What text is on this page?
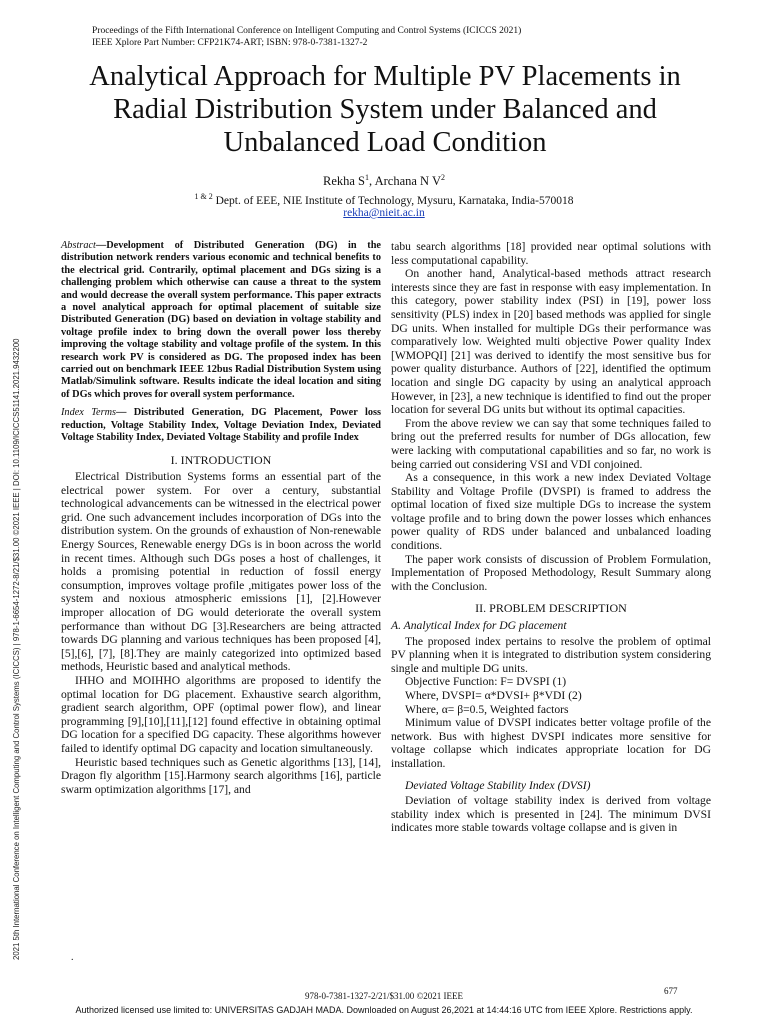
Proceedings of the Fifth International Conference on Intelligent Computing and Control Systems (ICICCS 2021)
IEEE Xplore Part Number: CFP21K74-ART; ISBN: 978-0-7381-1327-2
Analytical Approach for Multiple PV Placements in
Radial Distribution System under Balanced and
Unbalanced Load Condition
Rekha $S^1$, Archana N $V^2$
$^{1 \& 2}$ Dept. of EEE, NIE Institute of Technology, Mysuru, Karnataka, India-570018
rekha@nieit.ac.in
2021 5th International Conference on Intelligent Computing and Control Systems (ICICCS) | 978-1-6654-1272-8/21/$31.00 ©2021 IEEE | DOI: 10.1109/ICICCS51141.2021.9432200

Abstract—Development of Distributed Generation (DG) in the distribution network renders various economic and technical benefits to the electrical grid. Contrarily, optimal placement and DGs sizing is a challenging problem which otherwise can cause a threat to the system and would decrease the overall system performance. This paper extracts a novel analytical approach for optimal placement of suitable size Distributed Generation (DG) based on deviation in voltage stability and voltage profile index to bring down the overall power loss thereby improving the voltage stability and voltage profile of the system. In this research work PV is considered as DG. The proposed index has been carried out on benchmark IEEE 12bus Radial Distribution System using Matlab/Simulink software. Results indicate the ideal location and siting of DGs which proves for overall system performance.

Index Terms— Distributed Generation, DG Placement, Power loss reduction, Voltage Stability Index, Voltage Deviation Index, Deviated Voltage Stability Index, Deviated Voltage Stability and profile Index

I. INTRODUCTION

Electrical Distribution Systems forms an essential part of the electrical power system. For over a century, substantial technological advancements can be witnessed in the electrical power grid. One such advancement includes incorporation of DGs into the distribution system. On the grounds of exhaustion of Non-renewable Energy Sources, Renewable energy DGs is in boon across the world in recent times. Although such DGs poses a host of challenges, it holds a promising potential in reduction of fossil energy consumption, improves voltage profile ,mitigates power loss of the system and noxious atmospheric emissions [1], [2].However improper allocation of DG would deteriorate the overall system performance than without DG [3].Researchers are being attracted towards DG planning and various techniques has been proposed [4],[5],[6], [7], [8].They are mainly categorized into optimized based methods, Heuristic based and analytical methods.

IHHO and MOIHHO algorithms are proposed to identify the optimal location for DG placement. Exhaustive search algorithm, gradient search algorithm, OPF (optimal power flow), and linear programming [9],[10],[11],[12] found effective in obtaining optimal DG location for a specified DG capacity. These algorithms however failed to identify optimal DG capacity and location simultaneously.

Heuristic based techniques such as Genetic algorithms [13], [14], Dragon fly algorithm [15].Harmony search algorithms [16], particle swarm optimization algorithms [17], and

.

tabu search algorithms [18] provided near optimal solutions with less computational capability.

On another hand, Analytical-based methods attract research interests since they are fast in response with easy implementation. In this category, power stability index (PSI) in [19], power loss sensitivity (PLS) index in [20] based methods was applied for single DG units. When installed for multiple DGs their performance was comparatively low. Weighted multi objective Power quality Index [WMOPQI] [21] was derived to identify the most sensitive bus for power quality disturbance. Authors of [22], identified the optimum location and single DG capacity by using an analytical approach However, in [23], a new technique is identified to find out the proper location for several DG units but without its optimal capacities.

From the above review we can say that some techniques failed to bring out the preferred results for number of DGs allocation, few were lacking with computational capabilities and so far, no work is being carried out considering VSI and VDI conjoined.

As a consequence, in this work a new index Deviated Voltage Stability and Voltage Profile (DVSPI) is framed to address the optimal location of fixed size multiple DGs to increase the system voltage profile and to bring down the power losses which enhances power quality of RDS under balanced and unbalanced loading conditions.

The paper work consists of discussion of Problem Formulation, Implementation of Proposed Methodology, Result Summary along with the Conclusion.

II. PROBLEM DESCRIPTION
A. Analytical Index for DG placement

The proposed index pertains to resolve the problem of optimal PV planning when it is integrated to distribution system considering single and multiple DG units.

Objective Function: F= DVSPI (1)

Where, DVSPI= α*DVSI+ β*VDI (2)

Where, α= β=0.5, Weighted factors

Minimum value of DVSPI indicates better voltage profile of the network. Bus with highest DVSPI indicates more sensitive for voltage collapse which indicates appropriate location for DG installation.

Deviated Voltage Stability Index (DVSI)

Deviation of voltage stability index is derived from voltage stability index which is presented in [24]. The minimum DVSI indicates more stable towards voltage collapse and is given in

978-0-7381-1327-2/21/$31.00 ©2021 IEEE	677
Authorized licensed use limited to: UNIVERSITAS GADJAH MADA. Downloaded on August 26,2021 at 14:44:16 UTC from IEEE Xplore. Restrictions apply.
